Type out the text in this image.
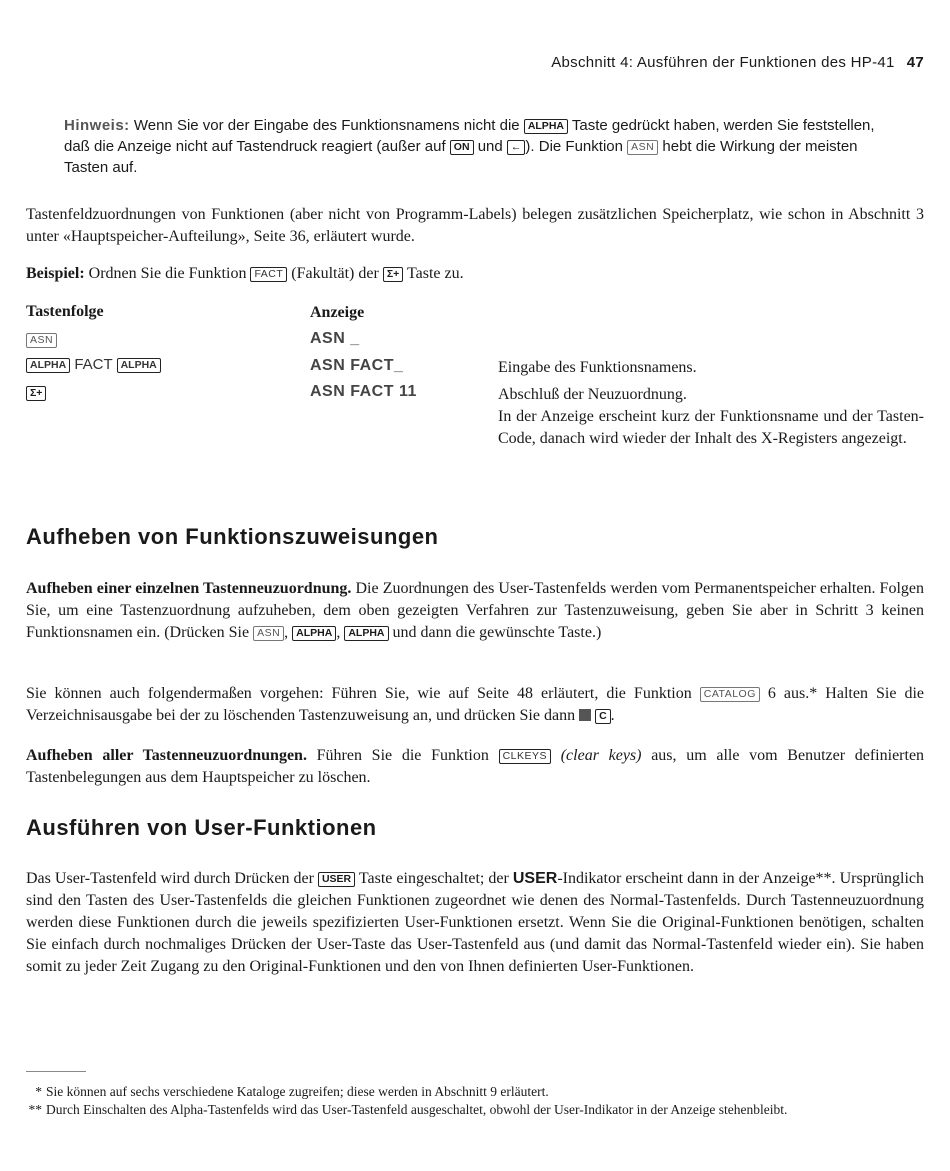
Abschnitt 4: Ausführen der Funktionen des HP-41 47

Hinweis: Wenn Sie vor der Eingabe des Funktionsnamens nicht die ALPHA Taste gedrückt haben, werden Sie feststellen, daß die Anzeige nicht auf Tastendruck reagiert (außer auf ON und ← ). Die Funktion ASN hebt die Wirkung der meisten Tasten auf.

Tastenfeldzuordnungen von Funktionen (aber nicht von Programm-Labels) belegen zusätzlichen Speicherplatz, wie schon in Abschnitt 3 unter «Hauptspeicher-Aufteilung», Seite 36, erläutert wurde.

Beispiel: Ordnen Sie die Funktion FACT (Fakultät) der Σ+ Taste zu.

Tastenfolge	Anzeige
ASN	ASN _
ALPHA FACT ALPHA	ASN FACT_	Eingabe des Funktionsnamens.
Σ+	ASN FACT 11	Abschluß der Neuzuordnung.
In der Anzeige erscheint kurz der Funktionsname und der Tasten-Code, danach wird wieder der Inhalt des X-Registers angezeigt.
Aufheben von Funktionszuweisungen

Aufheben einer einzelnen Tastenneuzuordnung. Die Zuordnungen des User-Tastenfelds werden vom Permanentspeicher erhalten. Folgen Sie, um eine Tastenzuordnung aufzuheben, dem oben gezeigten Verfahren zur Tastenzuweisung, geben Sie aber in Schritt 3 keinen Funktionsnamen ein. (Drücken Sie ASN , ALPHA , ALPHA und dann die gewünschte Taste.)

Sie können auch folgendermaßen vorgehen: Führen Sie, wie auf Seite 48 erläutert, die Funktion CATALOG 6 aus.* Halten Sie die Verzeichnisausgabe bei der zu löschenden Tastenzuweisung an, und drücken Sie dann C .

Aufheben aller Tastenneuzuordnungen. Führen Sie die Funktion CLKEYS (clear keys) aus, um alle vom Benutzer definierten Tastenbelegungen aus dem Hauptspeicher zu löschen.

Ausführen von User-Funktionen

Das User-Tastenfeld wird durch Drücken der USER Taste eingeschaltet; der USER-Indikator erscheint dann in der Anzeige**. Ursprünglich sind den Tasten des User-Tastenfelds die gleichen Funktionen zugeordnet wie denen des Normal-Tastenfelds. Durch Tastenneuzuordnung werden diese Funktionen durch die jeweils spezifizierten User-Funktionen ersetzt. Wenn Sie die Original-Funktionen benötigen, schalten Sie einfach durch nochmaliges Drücken der User-Taste das User-Tastenfeld aus (und damit das Normal-Tastenfeld wieder ein). Sie haben somit zu jeder Zeit Zugang zu den Original-Funktionen und den von Ihnen definierten User-Funktionen.

* Sie können auf sechs verschiedene Kataloge zugreifen; diese werden in Abschnitt 9 erläutert.
** Durch Einschalten des Alpha-Tastenfelds wird das User-Tastenfeld ausgeschaltet, obwohl der User-Indikator in der Anzeige stehenbleibt.
